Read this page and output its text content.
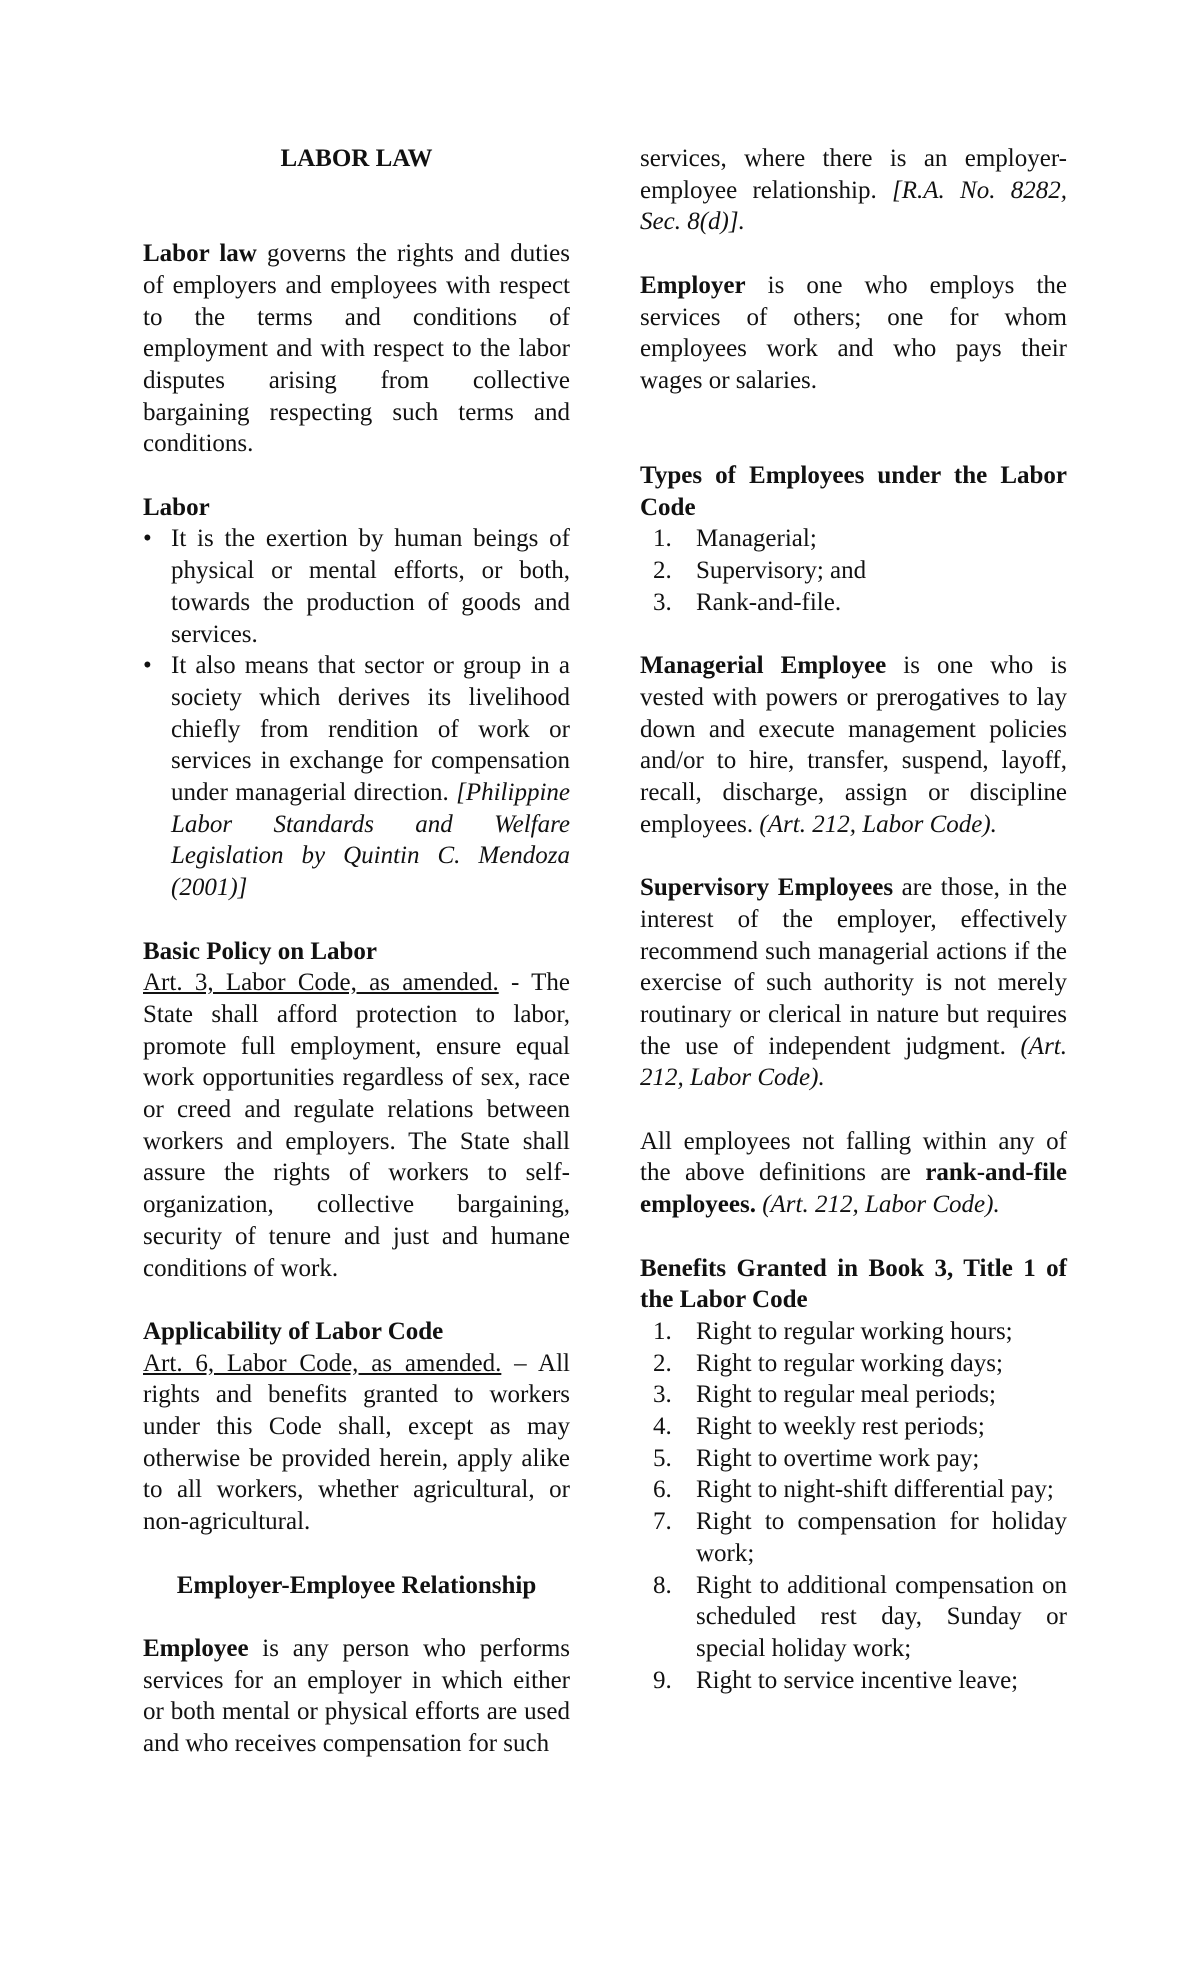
LABOR LAW

Labor law governs the rights and duties of employers and employees with respect to the terms and conditions of employment and with respect to the labor disputes arising from collective bargaining respecting such terms and conditions.

Labor
• It is the exertion by human beings of physical or mental efforts, or both, towards the production of goods and services.
• It also means that sector or group in a society which derives its livelihood chiefly from rendition of work or services in exchange for compensation under managerial direction. [Philippine Labor Standards and Welfare Legislation by Quintin C. Mendoza (2001)]
Basic Policy on Labor

Art. 3, Labor Code, as amended. - The State shall afford protection to labor, promote full employment, ensure equal work opportunities regardless of sex, race or creed and regulate relations between workers and employers. The State shall assure the rights of workers to self-organization, collective bargaining, security of tenure and just and humane conditions of work.

Applicability of Labor Code

Art. 6, Labor Code, as amended. – All rights and benefits granted to workers under this Code shall, except as may otherwise be provided herein, apply alike to all workers, whether agricultural, or non-agricultural.

Employer-Employee Relationship

Employee is any person who performs services for an employer in which either or both mental or physical efforts are used and who receives compensation for such

services, where there is an employer-employee relationship. [R.A. No. 8282, Sec. 8(d)].

Employer is one who employs the services of others; one for whom employees work and who pays their wages or salaries.

Types of Employees under the Labor Code
1. Managerial;
2. Supervisory; and
3. Rank-and-file.

Managerial Employee is one who is vested with powers or prerogatives to lay down and execute management policies and/or to hire, transfer, suspend, layoff, recall, discharge, assign or discipline employees. (Art. 212, Labor Code).

Supervisory Employees are those, in the interest of the employer, effectively recommend such managerial actions if the exercise of such authority is not merely routinary or clerical in nature but requires the use of independent judgment. (Art. 212, Labor Code).

All employees not falling within any of the above definitions are rank-and-file employees. (Art. 212, Labor Code).

Benefits Granted in Book 3, Title 1 of the Labor Code
1. Right to regular working hours;
2. Right to regular working days;
3. Right to regular meal periods;
4. Right to weekly rest periods;
5. Right to overtime work pay;
6. Right to night-shift differential pay;
7. Right to compensation for holiday work;
8. Right to additional compensation on scheduled rest day, Sunday or special holiday work;
9. Right to service incentive leave;
